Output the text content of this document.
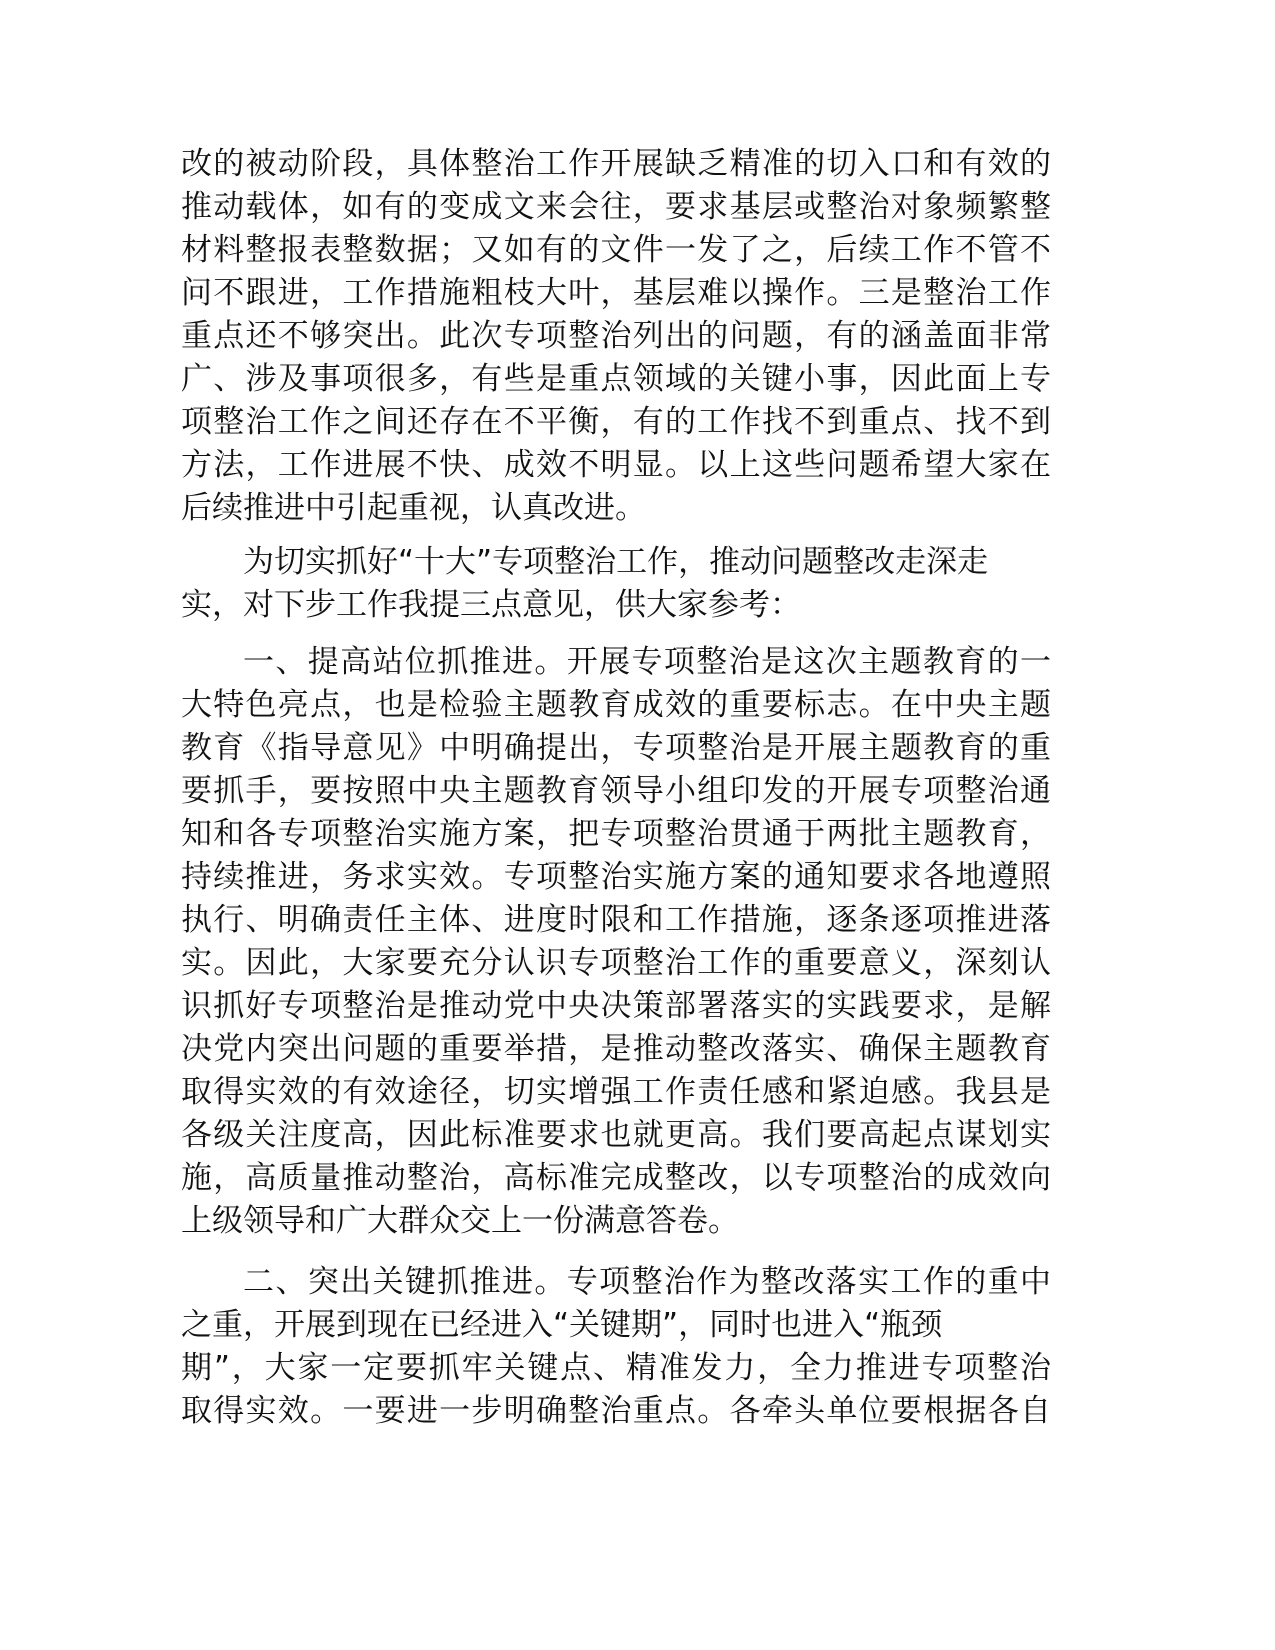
改的被动阶段，具体整治工作开展缺乏精准的切入口和有效的
推动载体，如有的变成文来会往，要求基层或整治对象频繁整
材料整报表整数据；又如有的文件一发了之，后续工作不管不
问不跟进，工作措施粗枝大叶，基层难以操作。三是整治工作
重点还不够突出。此次专项整治列出的问题，有的涵盖面非常
广、涉及事项很多，有些是重点领域的关键小事，因此面上专
项整治工作之间还存在不平衡，有的工作找不到重点、找不到
方法，工作进展不快、成效不明显。以上这些问题希望大家在
后续推进中引起重视，认真改进。
为切实抓好“十大”专项整治工作，推动问题整改走深走
实，对下步工作我提三点意见，供大家参考：
一、提高站位抓推进。开展专项整治是这次主题教育的一
大特色亮点，也是检验主题教育成效的重要标志。在中央主题
教育《指导意见》中明确提出，专项整治是开展主题教育的重
要抓手，要按照中央主题教育领导小组印发的开展专项整治通
知和各专项整治实施方案，把专项整治贯通于两批主题教育，
持续推进，务求实效。专项整治实施方案的通知要求各地遵照
执行、明确责任主体、进度时限和工作措施，逐条逐项推进落
实。因此，大家要充分认识专项整治工作的重要意义，深刻认
识抓好专项整治是推动党中央决策部署落实的实践要求，是解
决党内突出问题的重要举措，是推动整改落实、确保主题教育
取得实效的有效途径，切实增强工作责任感和紧迫感。我县是
各级关注度高，因此标准要求也就更高。我们要高起点谋划实
施，高质量推动整治，高标准完成整改，以专项整治的成效向
上级领导和广大群众交上一份满意答卷。
二、突出关键抓推进。专项整治作为整改落实工作的重中
之重，开展到现在已经进入“关键期”，同时也进入“瓶颈
期”，大家一定要抓牢关键点、精准发力，全力推进专项整治
取得实效。一要进一步明确整治重点。各牵头单位要根据各自
